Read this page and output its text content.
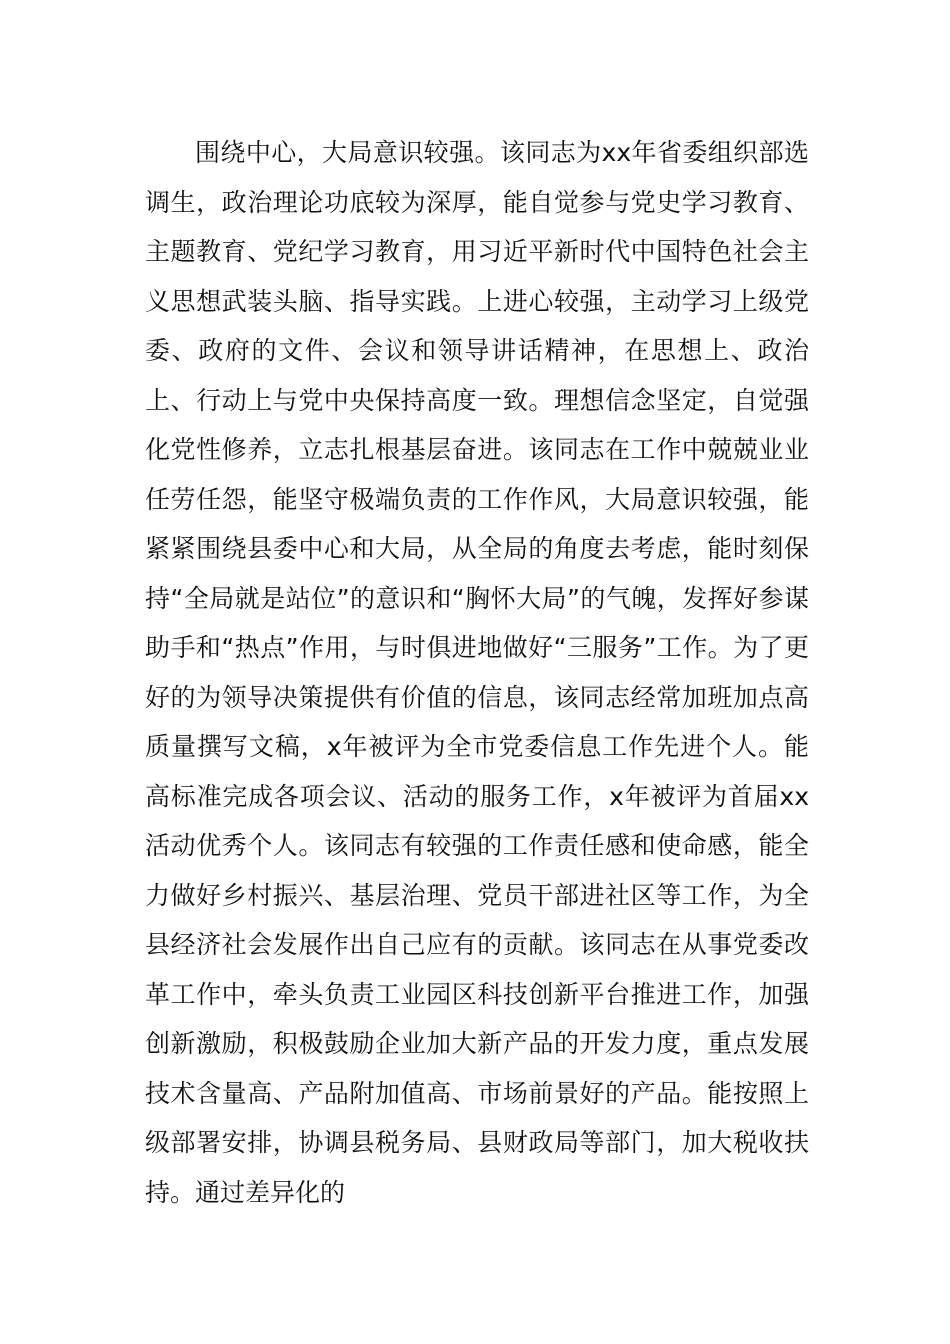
围绕中心，大局意识较强。该同志为xx年省委组织部选调生，政治理论功底较为深厚，能自觉参与党史学习教育、主题教育、党纪学习教育，用习近平新时代中国特色社会主义思想武装头脑、指导实践。上进心较强，主动学习上级党委、政府的文件、会议和领导讲话精神，在思想上、政治上、行动上与党中央保持高度一致。理想信念坚定，自觉强化党性修养，立志扎根基层奋进。该同志在工作中兢兢业业任劳任怨，能坚守极端负责的工作作风，大局意识较强，能紧紧围绕县委中心和大局，从全局的角度去考虑，能时刻保持“全局就是站位”的意识和“胸怀大局”的气魄，发挥好参谋助手和“热点”作用，与时俱进地做好“三服务”工作。为了更好的为领导决策提供有价值的信息，该同志经常加班加点高质量撰写文稿，x年被评为全市党委信息工作先进个人。能高标准完成各项会议、活动的服务工作，x年被评为首届xx活动优秀个人。该同志有较强的工作责任感和使命感，能全力做好乡村振兴、基层治理、党员干部进社区等工作，为全县经济社会发展作出自己应有的贡献。该同志在从事党委改革工作中，牵头负责工业园区科技创新平台推进工作，加强创新激励，积极鼓励企业加大新产品的开发力度，重点发展技术含量高、产品附加值高、市场前景好的产品。能按照上级部署安排，协调县税务局、县财政局等部门，加大税收扶持。通过差异化的
